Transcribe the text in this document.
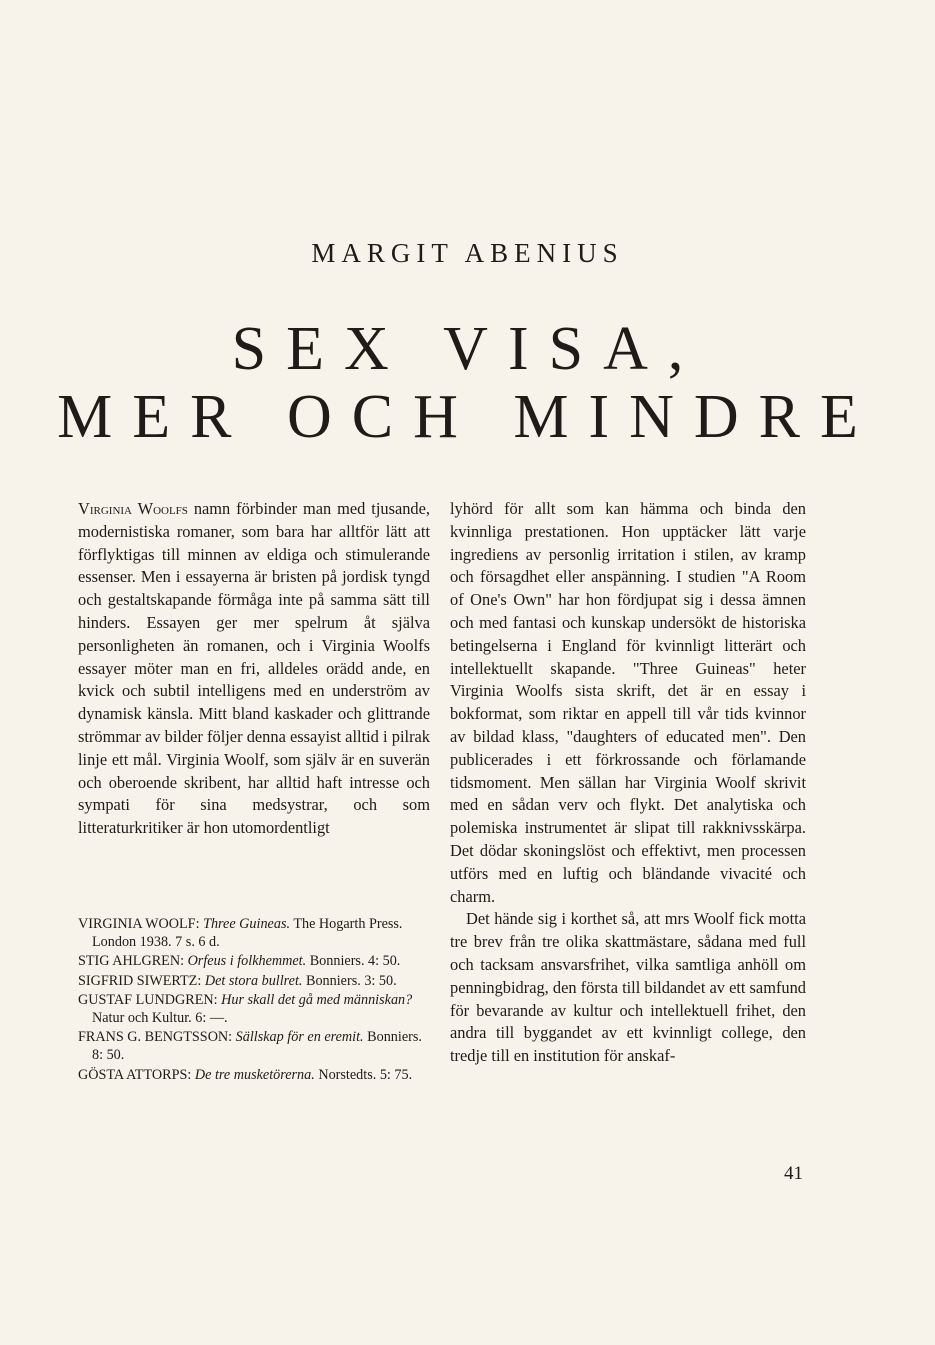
MARGIT ABENIUS
SEX VISA,
MER OCH MINDRE

Virginia Woolfs namn förbinder man med tjusande, modernistiska romaner, som bara har alltför lätt att förflyktigas till minnen av eldiga och stimulerande essenser. Men i essayerna är bristen på jordisk tyngd och gestaltskapande förmåga inte på samma sätt till hinders. Essayen ger mer spelrum åt själva personligheten än romanen, och i Virginia Woolfs essayer möter man en fri, alldeles orädd ande, en kvick och subtil intelligens med en underström av dynamisk känsla. Mitt bland kaskader och glittrande strömmar av bilder följer denna essayist alltid i pilrak linje ett mål. Virginia Woolf, som själv är en suverän och oberoende skribent, har alltid haft intresse och sympati för sina medsystrar, och som litteraturkritiker är hon utomordentligt

VIRGINIA WOOLF: Three Guineas. The Hogarth Press. London 1938. 7 s. 6 d.
STIG AHLGREN: Orfeus i folkhemmet. Bonniers. 4: 50.
SIGFRID SIWERTZ: Det stora bullret. Bonniers. 3: 50.
GUSTAF LUNDGREN: Hur skall det gå med människan? Natur och Kultur. 6: —.
FRANS G. BENGTSSON: Sällskap för en eremit. Bonniers. 8: 50.
GÖSTA ATTORPS: De tre musketörerna. Norstedts. 5: 75.

lyhörd för allt som kan hämma och binda den kvinnliga prestationen. Hon upptäcker lätt varje ingrediens av personlig irritation i stilen, av kramp och försagdhet eller anspänning. I studien "A Room of One's Own" har hon fördjupat sig i dessa ämnen och med fantasi och kunskap undersökt de historiska betingelserna i England för kvinnligt litterärt och intellektuellt skapande. "Three Guineas" heter Virginia Woolfs sista skrift, det är en essay i bokformat, som riktar en appell till vår tids kvinnor av bildad klass, "daughters of educated men". Den publicerades i ett förkrossande och förlamande tidsmoment. Men sällan har Virginia Woolf skrivit med en sådan verv och flykt. Det analytiska och polemiska instrumentet är slipat till rakknivsskärpa. Det dödar skoningslöst och effektivt, men processen utförs med en luftig och bländande vivacité och charm.

Det hände sig i korthet så, att mrs Woolf fick motta tre brev från tre olika skattmästare, sådana med full och tacksam ansvarsfrihet, vilka samtliga anhöll om penningbidrag, den första till bildandet av ett samfund för bevarande av kultur och intellektuell frihet, den andra till byggandet av ett kvinnligt college, den tredje till en institution för anskaf-

41
